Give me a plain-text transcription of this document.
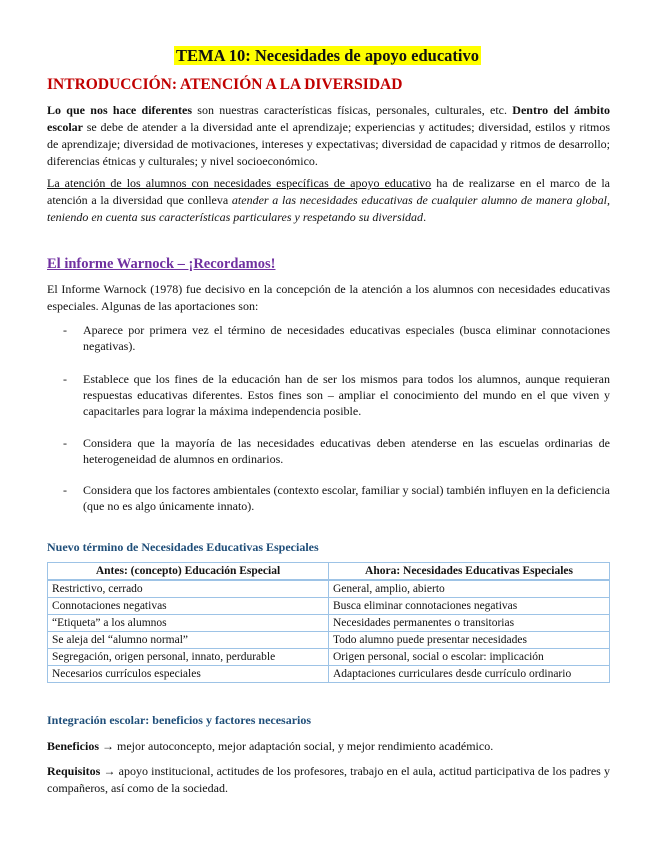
TEMA 10: Necesidades de apoyo educativo
INTRODUCCIÓN: ATENCIÓN A LA DIVERSIDAD

Lo que nos hace diferentes son nuestras características físicas, personales, culturales, etc. Dentro del ámbito escolar se debe de atender a la diversidad ante el aprendizaje; experiencias y actitudes; diversidad, estilos y ritmos de aprendizaje; diversidad de motivaciones, intereses y expectativas; diversidad de capacidad y ritmos de desarrollo; diferencias étnicas y culturales; y nivel socioeconómico.

La atención de los alumnos con necesidades específicas de apoyo educativo ha de realizarse en el marco de la atención a la diversidad que conlleva atender a las necesidades educativas de cualquier alumno de manera global, teniendo en cuenta sus características particulares y respetando su diversidad.

El informe Warnock – ¡Recordamos!

El Informe Warnock (1978) fue decisivo en la concepción de la atención a los alumnos con necesidades educativas especiales. Algunas de las aportaciones son:

- Aparece por primera vez el término de necesidades educativas especiales (busca eliminar connotaciones negativas).
- Establece que los fines de la educación han de ser los mismos para todos los alumnos, aunque requieran respuestas educativas diferentes. Estos fines son – ampliar el conocimiento del mundo en el que viven y capacitarles para lograr la máxima independencia posible.
- Considera que la mayoría de las necesidades educativas deben atenderse en las escuelas ordinarias de heterogeneidad de alumnos en ordinarios.
- Considera que los factores ambientales (contexto escolar, familiar y social) también influyen en la deficiencia (que no es algo únicamente innato).
Nuevo término de Necesidades Educativas Especiales
Antes: (concepto) Educación Especial	Ahora: Necesidades Educativas Especiales
Restrictivo, cerrado	General, amplio, abierto
Connotaciones negativas	Busca eliminar connotaciones negativas
“Etiqueta” a los alumnos	Necesidades permanentes o transitorias
Se aleja del “alumno normal”	Todo alumno puede presentar necesidades
Segregación, origen personal, innato, perdurable	Origen personal, social o escolar: implicación
Necesarios currículos especiales	Adaptaciones curriculares desde currículo ordinario
Integración escolar: beneficios y factores necesarios

Beneficios → mejor autoconcepto, mejor adaptación social, y mejor rendimiento académico.

Requisitos → apoyo institucional, actitudes de los profesores, trabajo en el aula, actitud participativa de los padres y compañeros, así como de la sociedad.
